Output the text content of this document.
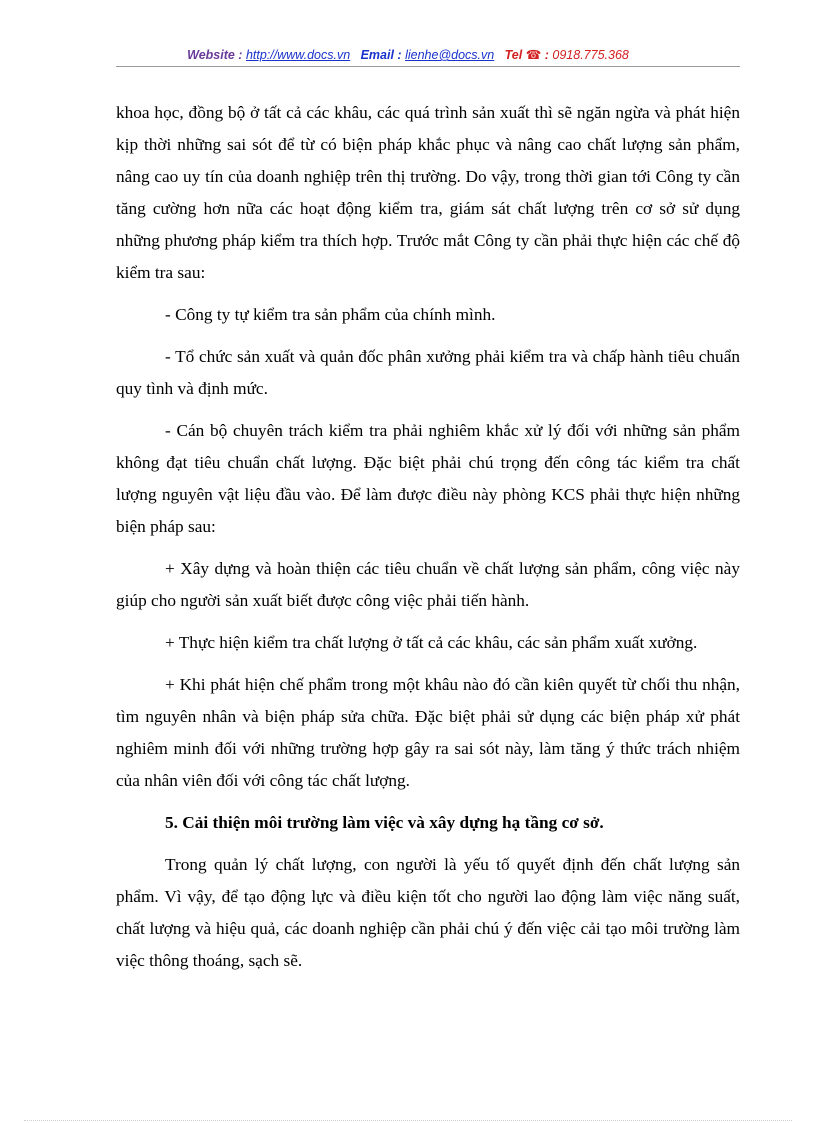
Website : http://www.docs.vn Email : lienhe@docs.vn Tel ☎ : 0918.775.368

khoa học, đồng bộ ở tất cả các khâu, các quá trình sản xuất thì sẽ ngăn ngừa và phát hiện kịp thời những sai sót để từ có biện pháp khắc phục và nâng cao chất lượng sản phẩm, nâng cao uy tín của doanh nghiệp trên thị trường. Do vậy, trong thời gian tới Công ty cần tăng cường hơn nữa các hoạt động kiểm tra, giám sát chất lượng trên cơ sở sử dụng những phương pháp kiểm tra thích hợp. Trước mắt Công ty cần phải thực hiện các chế độ kiểm tra sau:

- Công ty tự kiểm tra sản phẩm của chính mình.

- Tổ chức sản xuất và quản đốc phân xưởng phải kiểm tra và chấp hành tiêu chuẩn quy tình và định mức.

- Cán bộ chuyên trách kiểm tra phải nghiêm khắc xử lý đối với những sản phẩm không đạt tiêu chuẩn chất lượng. Đặc biệt phải chú trọng đến công tác kiểm tra chất lượng nguyên vật liệu đầu vào. Để làm được điều này phòng KCS phải thực hiện những biện pháp sau:

+ Xây dựng và hoàn thiện các tiêu chuẩn về chất lượng sản phẩm, công việc này giúp cho người sản xuất biết được công việc phải tiến hành.

+ Thực hiện kiểm tra chất lượng ở tất cả các khâu, các sản phẩm xuất xưởng.

+ Khi phát hiện chế phẩm trong một khâu nào đó cần kiên quyết từ chối thu nhận, tìm nguyên nhân và biện pháp sửa chữa. Đặc biệt phải sử dụng các biện pháp xử phát nghiêm minh đối với những trường hợp gây ra sai sót này, làm tăng ý thức trách nhiệm của nhân viên đối với công tác chất lượng.

5. Cải thiện môi trường làm việc và xây dựng hạ tầng cơ sở.

Trong quản lý chất lượng, con người là yếu tố quyết định đến chất lượng sản phẩm. Vì vậy, để tạo động lực và điều kiện tốt cho người lao động làm việc năng suất, chất lượng và hiệu quả, các doanh nghiệp cần phải chú ý đến việc cải tạo môi trường làm việc thông thoáng, sạch sẽ.
